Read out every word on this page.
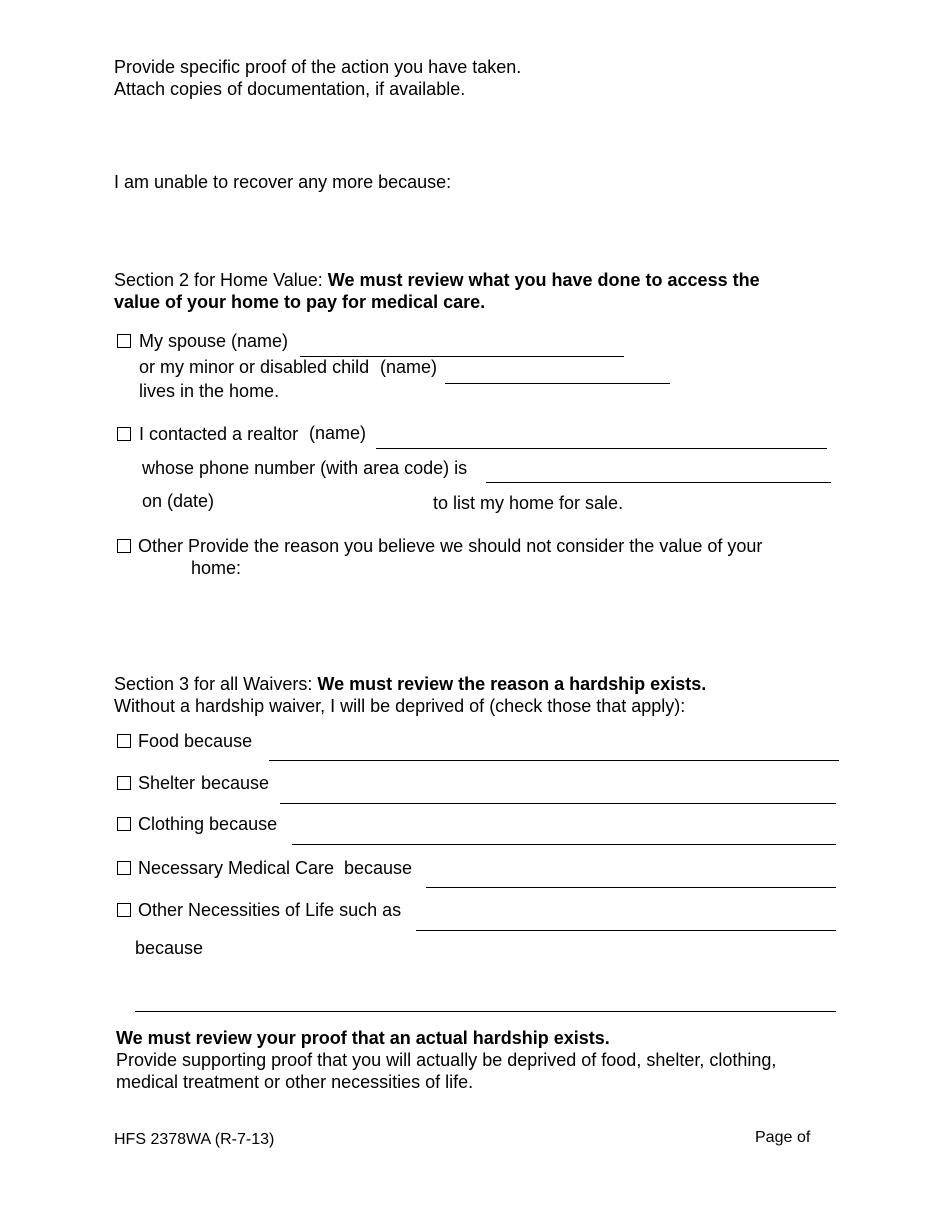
Provide specific proof of the action you have taken.
Attach copies of documentation, if available.
I am unable to recover any more because:
Section 2 for Home Value: We must review what you have done to access the
value of your home to pay for medical care.
My spouse (name)
or my minor or disabled child (name)
lives in the home.
I contacted a realtor (name)
whose phone number (with area code) is
on (date)	to list my home for sale.
Other Provide the reason you believe we should not consider the value of your
home:
Section 3 for all Waivers: We must review the reason a hardship exists.
Without a hardship waiver, I will be deprived of (check those that apply):
Food because
Shelter because
Clothing because
Necessary Medical Care because
Other Necessities of Life such as
because
We must review your proof that an actual hardship exists.
Provide supporting proof that you will actually be deprived of food, shelter, clothing,
medical treatment or other necessities of life.
HFS 2378WA (R-7-13)	Page of
